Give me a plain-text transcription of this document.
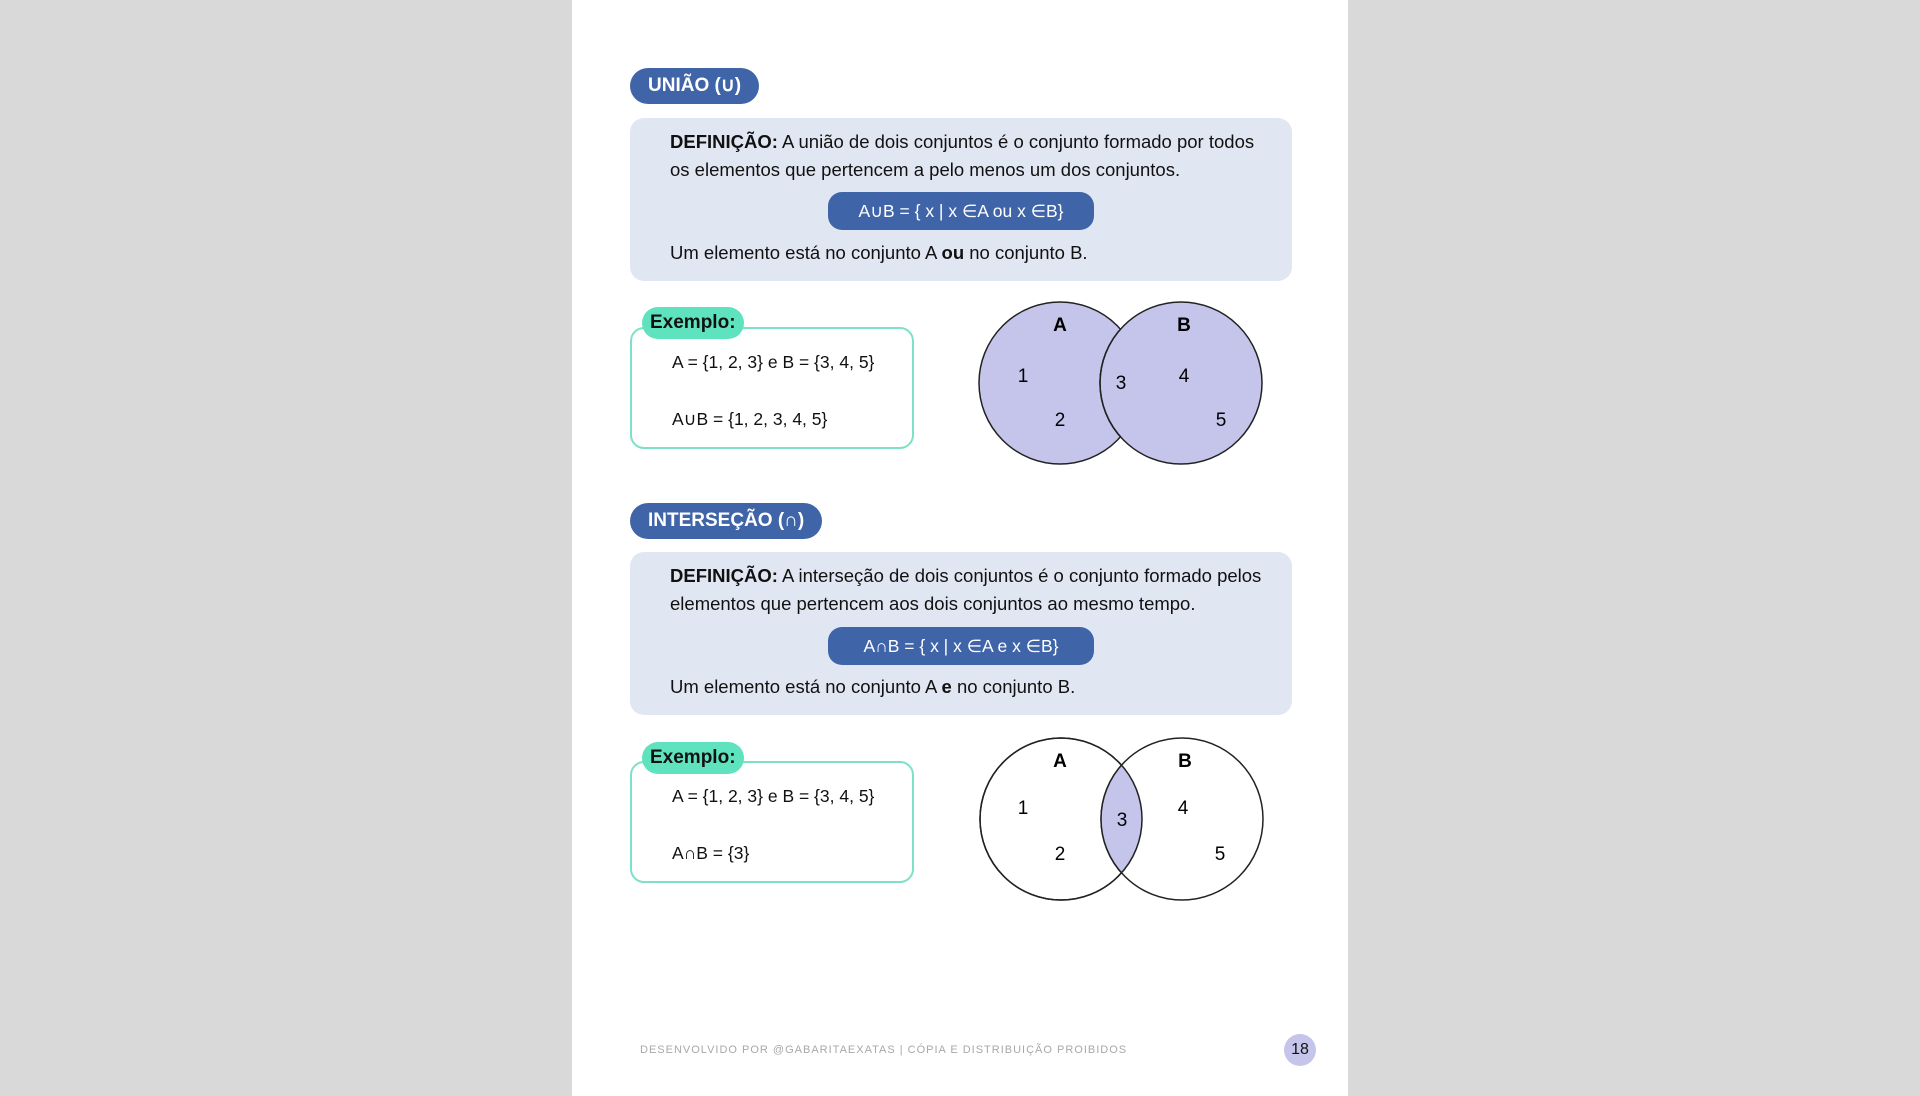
UNIÃO (∪)
DEFINIÇÃO: A união de dois conjuntos é o conjunto formado por todos os elementos que pertencem a pelo menos um dos conjuntos.
A∪B = { x | x ∈A ou x ∈B}
Um elemento está no conjunto A ou no conjunto B.
A = {1, 2, 3} e B = {3, 4, 5}
A∪B = {1, 2, 3, 4, 5}
Exemplo:	A	B
1
2
3	4
5
INTERSEÇÃO (∩)
DEFINIÇÃO: A interseção de dois conjuntos é o conjunto formado pelos elementos que pertencem aos dois conjuntos ao mesmo tempo.
A∩B = { x | x ∈A e x ∈B}
Um elemento está no conjunto A e no conjunto B.
A = {1, 2, 3} e B = {3, 4, 5}
A∩B = {3}
Exemplo:	A	B
1
2
3
4
5
DESENVOLVIDO POR @GABARITAEXATAS | CÓPIA E DISTRIBUIÇÃO PROIBIDOS	18
